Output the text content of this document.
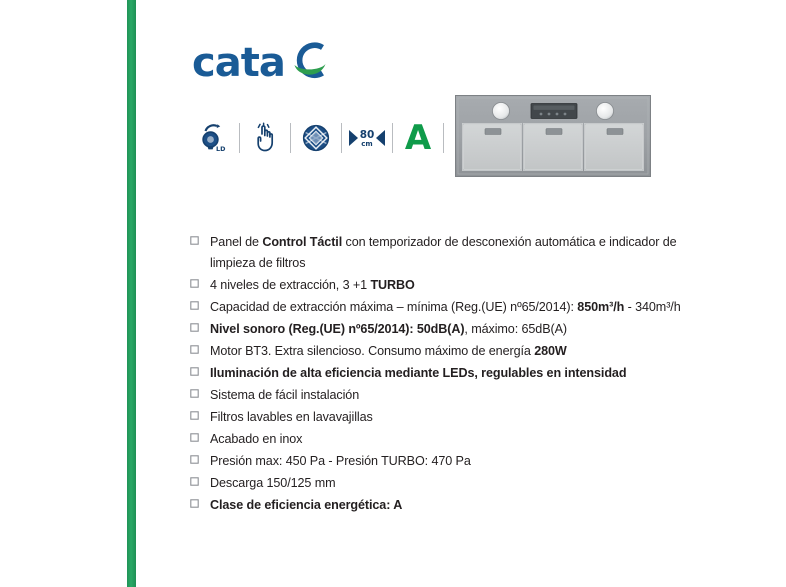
cata
LD
80
cm A
Panel de Control Táctil con temporizador de desconexión automática e indicador de limpieza de filtros
4 niveles de extracción, 3 +1 TURBO
Capacidad de extracción máxima – mínima (Reg.(UE) nº65/2014): 850m³/h - 340m³/h
Nivel sonoro (Reg.(UE) nº65/2014): 50dB(A), máximo: 65dB(A)
Motor BT3. Extra silencioso. Consumo máximo de energía 280W
Iluminación de alta eficiencia mediante LEDs, regulables en intensidad
Sistema de fácil instalación
Filtros lavables en lavavajillas
Acabado en inox
Presión max: 450 Pa - Presión TURBO: 470 Pa
Descarga 150/125 mm
Clase de eficiencia energética: A
